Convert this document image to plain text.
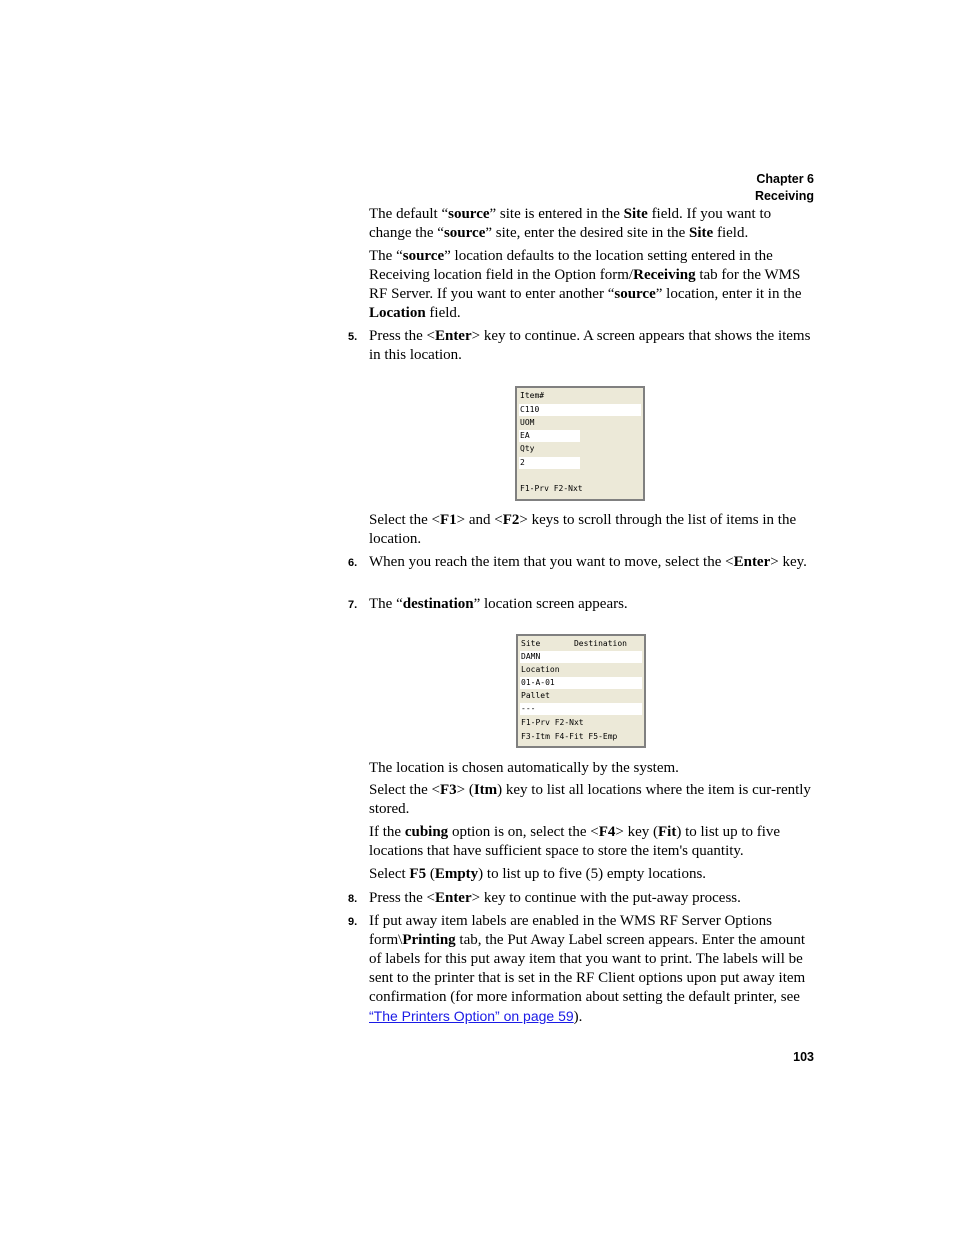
Chapter 6
Receiving

The default “source” site is entered in the Site field. If you want to change the “source” site, enter the desired site in the Site field.

The “source” location defaults to the location setting entered in the Receiving location field in the Option form/Receiving tab for the WMS RF Server. If you want to enter another “source” location, enter it in the Location field.

5. Press the <Enter> key to continue. A screen appears that shows the items in this location.

Item#
C110
UOM
EA
Qty
2
F1-Prv F2-Nxt

Select the <F1> and <F2> keys to scroll through the list of items in the location.

6. When you reach the item that you want to move, select the <Enter> key.

7. The “destination” location screen appears.

Site       Destination
DAMN
Location
01-A-01
Pallet
---
F1-Prv F2-Nxt
F3-Itm F4-Fit F5-Emp

The location is chosen automatically by the system.

Select the <F3> (Itm) key to list all locations where the item is cur-rently stored.

If the cubing option is on, select the <F4> key (Fit) to list up to five locations that have sufficient space to store the item's quantity.

Select F5 (Empty) to list up to five (5) empty locations.

8. Press the <Enter> key to continue with the put-away process.

9. If put away item labels are enabled in the WMS RF Server Options form\Printing tab, the Put Away Label screen appears. Enter the amount of labels for this put away item that you want to print. The labels will be sent to the printer that is set in the RF Client options upon put away item confirmation (for more information about setting the default printer, see “The Printers Option” on page 59).

103
